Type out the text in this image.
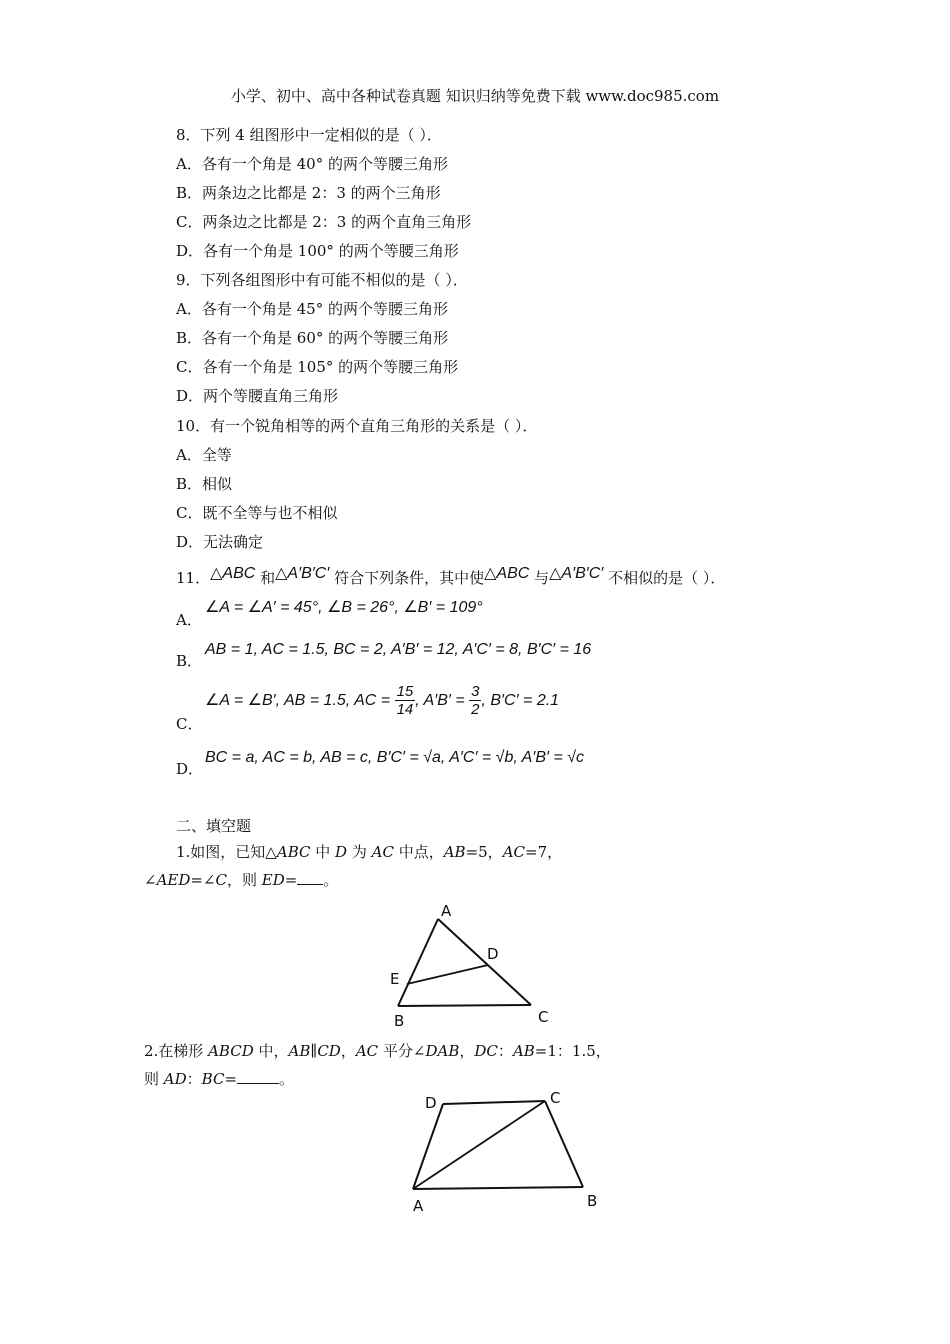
小学、初中、高中各种试卷真题 知识归纳等免费下载 www.doc985.com
8．下列 4 组图形中一定相似的是（ ）．
A．各有一个角是 40° 的两个等腰三角形
B．两条边之比都是 2：3 的两个三角形
C．两条边之比都是 2：3 的两个直角三角形
D．各有一个角是 100° 的两个等腰三角形
9．下列各组图形中有可能不相似的是（ ）．
A．各有一个角是 45° 的两个等腰三角形
B．各有一个角是 60° 的两个等腰三角形
C．各有一个角是 105° 的两个等腰三角形
D．两个等腰直角三角形
10．有一个锐角相等的两个直角三角形的关系是（ ）．
A．全等
B．相似
C．既不全等与也不相似
D．无法确定
11．△ABC 和△A′B′C′ 符合下列条件，其中使△ABC 与△A′B′C′ 不相似的是（ ）．
A．
∠A = ∠A′ = 45°, ∠B = 26°, ∠B′ = 109°
B．
AB = 1, AC = 1.5, BC = 2, A′B′ = 12, A′C′ = 8, B′C′ = 16
C．
∠A = ∠B′, AB = 1.5, AC = $\frac{15}{14}$ , $A'B' = \frac{3}{2}$ , B′C′ = 2.1
D．
BC = a, AC = b, AB = c, B′C′ = √a, A′C′ = √b, A′B′ = √c
二、填空题
1.如图，已知△ABC 中 D 为 AC 中点，AB=5，AC=7，
∠AED=∠C，则 ED= 。
A
D
E
B	C
2.在梯形 ABCD 中，AB∥CD，AC 平分∠DAB，DC：AB=1：1.5，
则 AD：BC=	。
D	C
A	B
